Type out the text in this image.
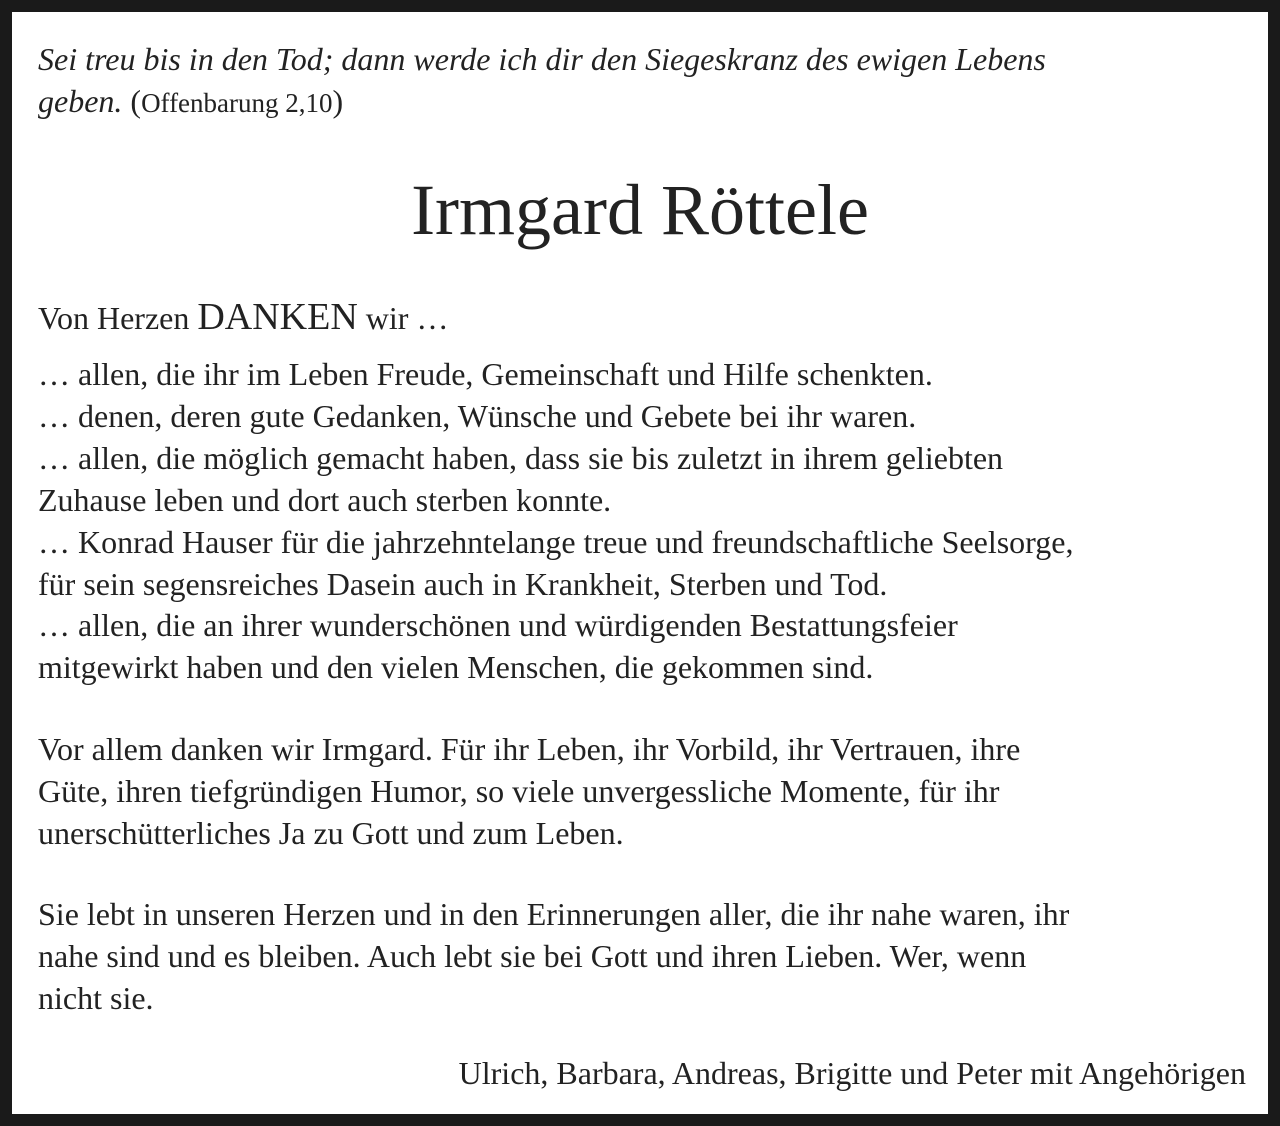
Sei treu bis in den Tod; dann werde ich dir den Siegeskranz des ewigen Lebens
geben. (Offenbarung 2,10)
Irmgard Röttele
Von Herzen DANKEN wir …
… allen, die ihr im Leben Freude, Gemeinschaft und Hilfe schenkten.
… denen, deren gute Gedanken, Wünsche und Gebete bei ihr waren.
… allen, die möglich gemacht haben, dass sie bis zuletzt in ihrem geliebten
Zuhause leben und dort auch sterben konnte.
… Konrad Hauser für die jahrzehntelange treue und freundschaftliche Seelsorge,
für sein segensreiches Dasein auch in Krankheit, Sterben und Tod.
… allen, die an ihrer wunderschönen und würdigenden Bestattungsfeier
mitgewirkt haben und den vielen Menschen, die gekommen sind.
Vor allem danken wir Irmgard. Für ihr Leben, ihr Vorbild, ihr Vertrauen, ihre
Güte, ihren tiefgründigen Humor, so viele unvergessliche Momente, für ihr
unerschütterliches Ja zu Gott und zum Leben.
Sie lebt in unseren Herzen und in den Erinnerungen aller, die ihr nahe waren, ihr
nahe sind und es bleiben. Auch lebt sie bei Gott und ihren Lieben. Wer, wenn
nicht sie.
Ulrich, Barbara, Andreas, Brigitte und Peter mit Angehörigen
